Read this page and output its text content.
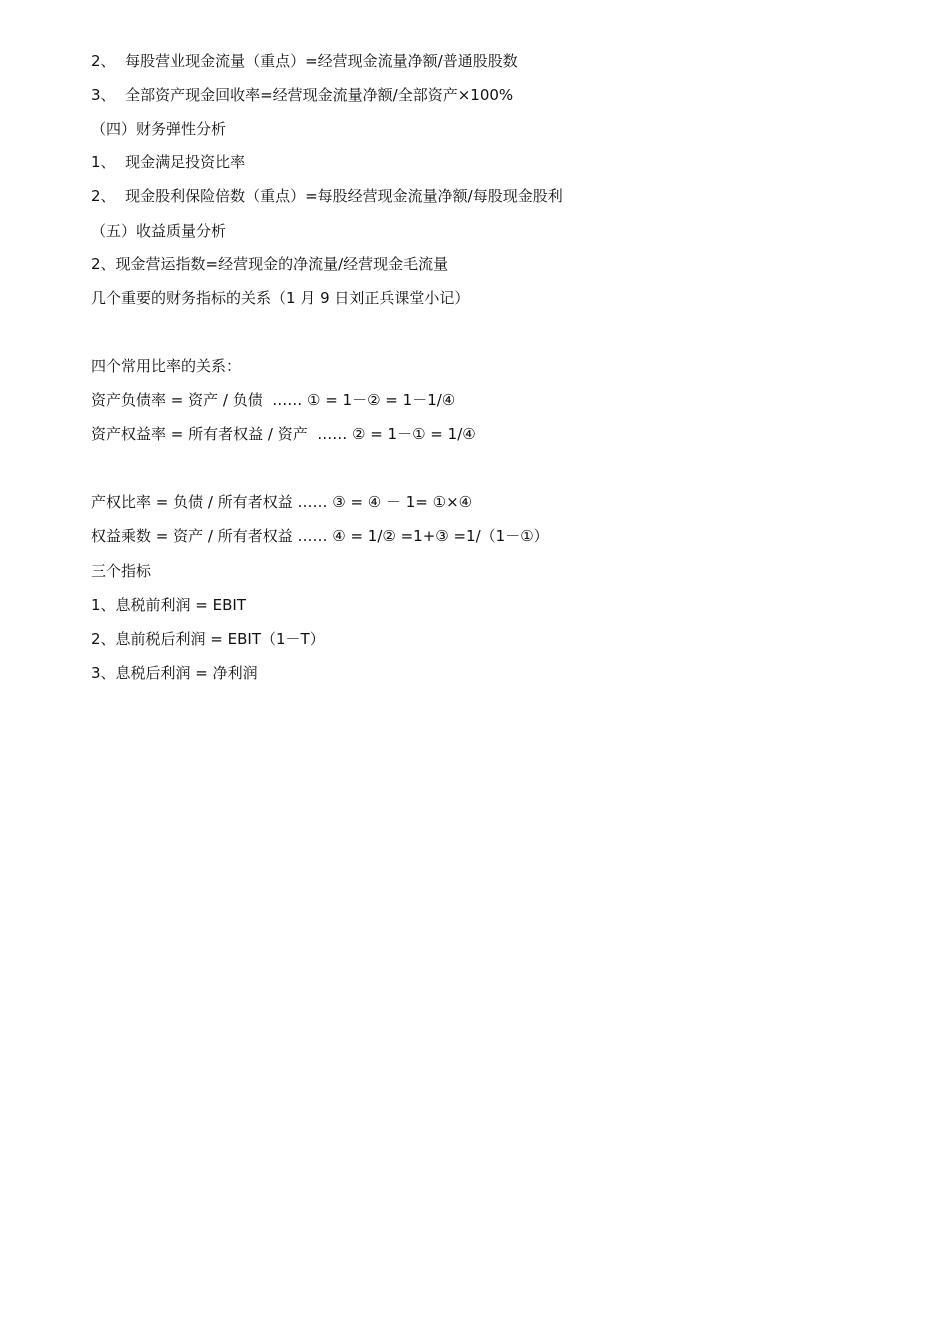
2、  每股营业现金流量（重点）=经营现金流量净额/普通股股数
3、  全部资产现金回收率=经营现金流量净额/全部资产×100%
（四）财务弹性分析
1、  现金满足投资比率
2、  现金股利保险倍数（重点）=每股经营现金流量净额/每股现金股利
（五）收益质量分析
2、现金营运指数=经营现金的净流量/经营现金毛流量
几个重要的财务指标的关系（1 月 9 日刘正兵课堂小记）
四个常用比率的关系：
资产负债率 = 资产 / 负债  …… ① = 1－② = 1－1/④
资产权益率 = 所有者权益 / 资产  …… ② = 1－① = 1/④
产权比率 = 负债 / 所有者权益 …… ③ = ④ － 1= ①×④
权益乘数 = 资产 / 所有者权益 …… ④ = 1/② =1+③ =1/（1－①）
三个指标
1、息税前利润 = EBIT
2、息前税后利润 = EBIT（1－T）
3、息税后利润 = 净利润
